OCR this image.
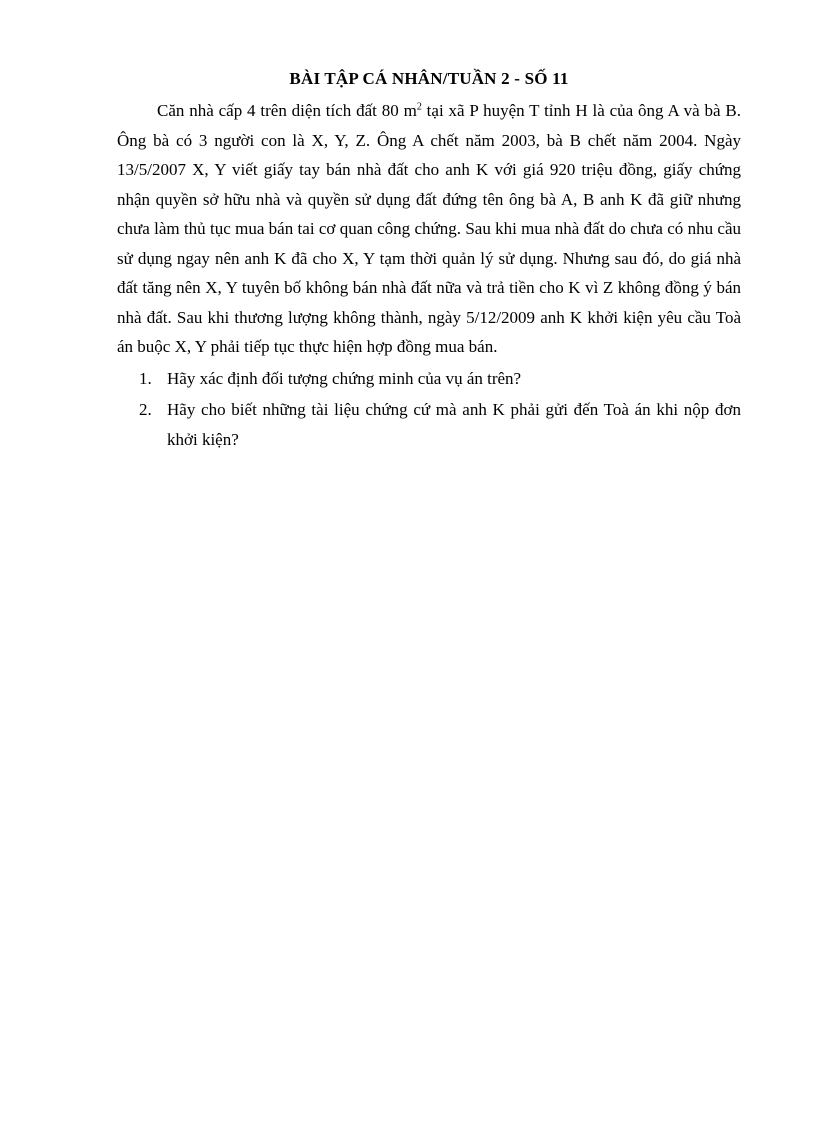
BÀI TẬP CÁ NHÂN/TUẦN 2 - SỐ 11

Căn nhà cấp 4 trên diện tích đất 80 $m^2$ tại xã P huyện T tỉnh H là của ông A và bà B. Ông bà có 3 người con là X, Y, Z. Ông A chết năm 2003, bà B chết năm 2004. Ngày 13/5/2007 X, Y viết giấy tay bán nhà đất cho anh K với giá 920 triệu đồng, giấy chứng nhận quyền sở hữu nhà và quyền sử dụng đất đứng tên ông bà A, B anh K đã giữ nhưng chưa làm thủ tục mua bán tai cơ quan công chứng. Sau khi mua nhà đất do chưa có nhu cầu sử dụng ngay nên anh K đã cho X, Y tạm thời quản lý sử dụng. Nhưng sau đó, do giá nhà đất tăng nên X, Y tuyên bố không bán nhà đất nữa và trả tiền cho K vì Z không đồng ý bán nhà đất. Sau khi thương lượng không thành, ngày 5/12/2009 anh K khởi kiện yêu cầu Toà án buộc X, Y phải tiếp tục thực hiện hợp đồng mua bán.

1. Hãy xác định đối tượng chứng minh của vụ án trên?
2. Hãy cho biết những tài liệu chứng cứ mà anh K phải gửi đến Toà án khi nộp đơn khởi kiện?
